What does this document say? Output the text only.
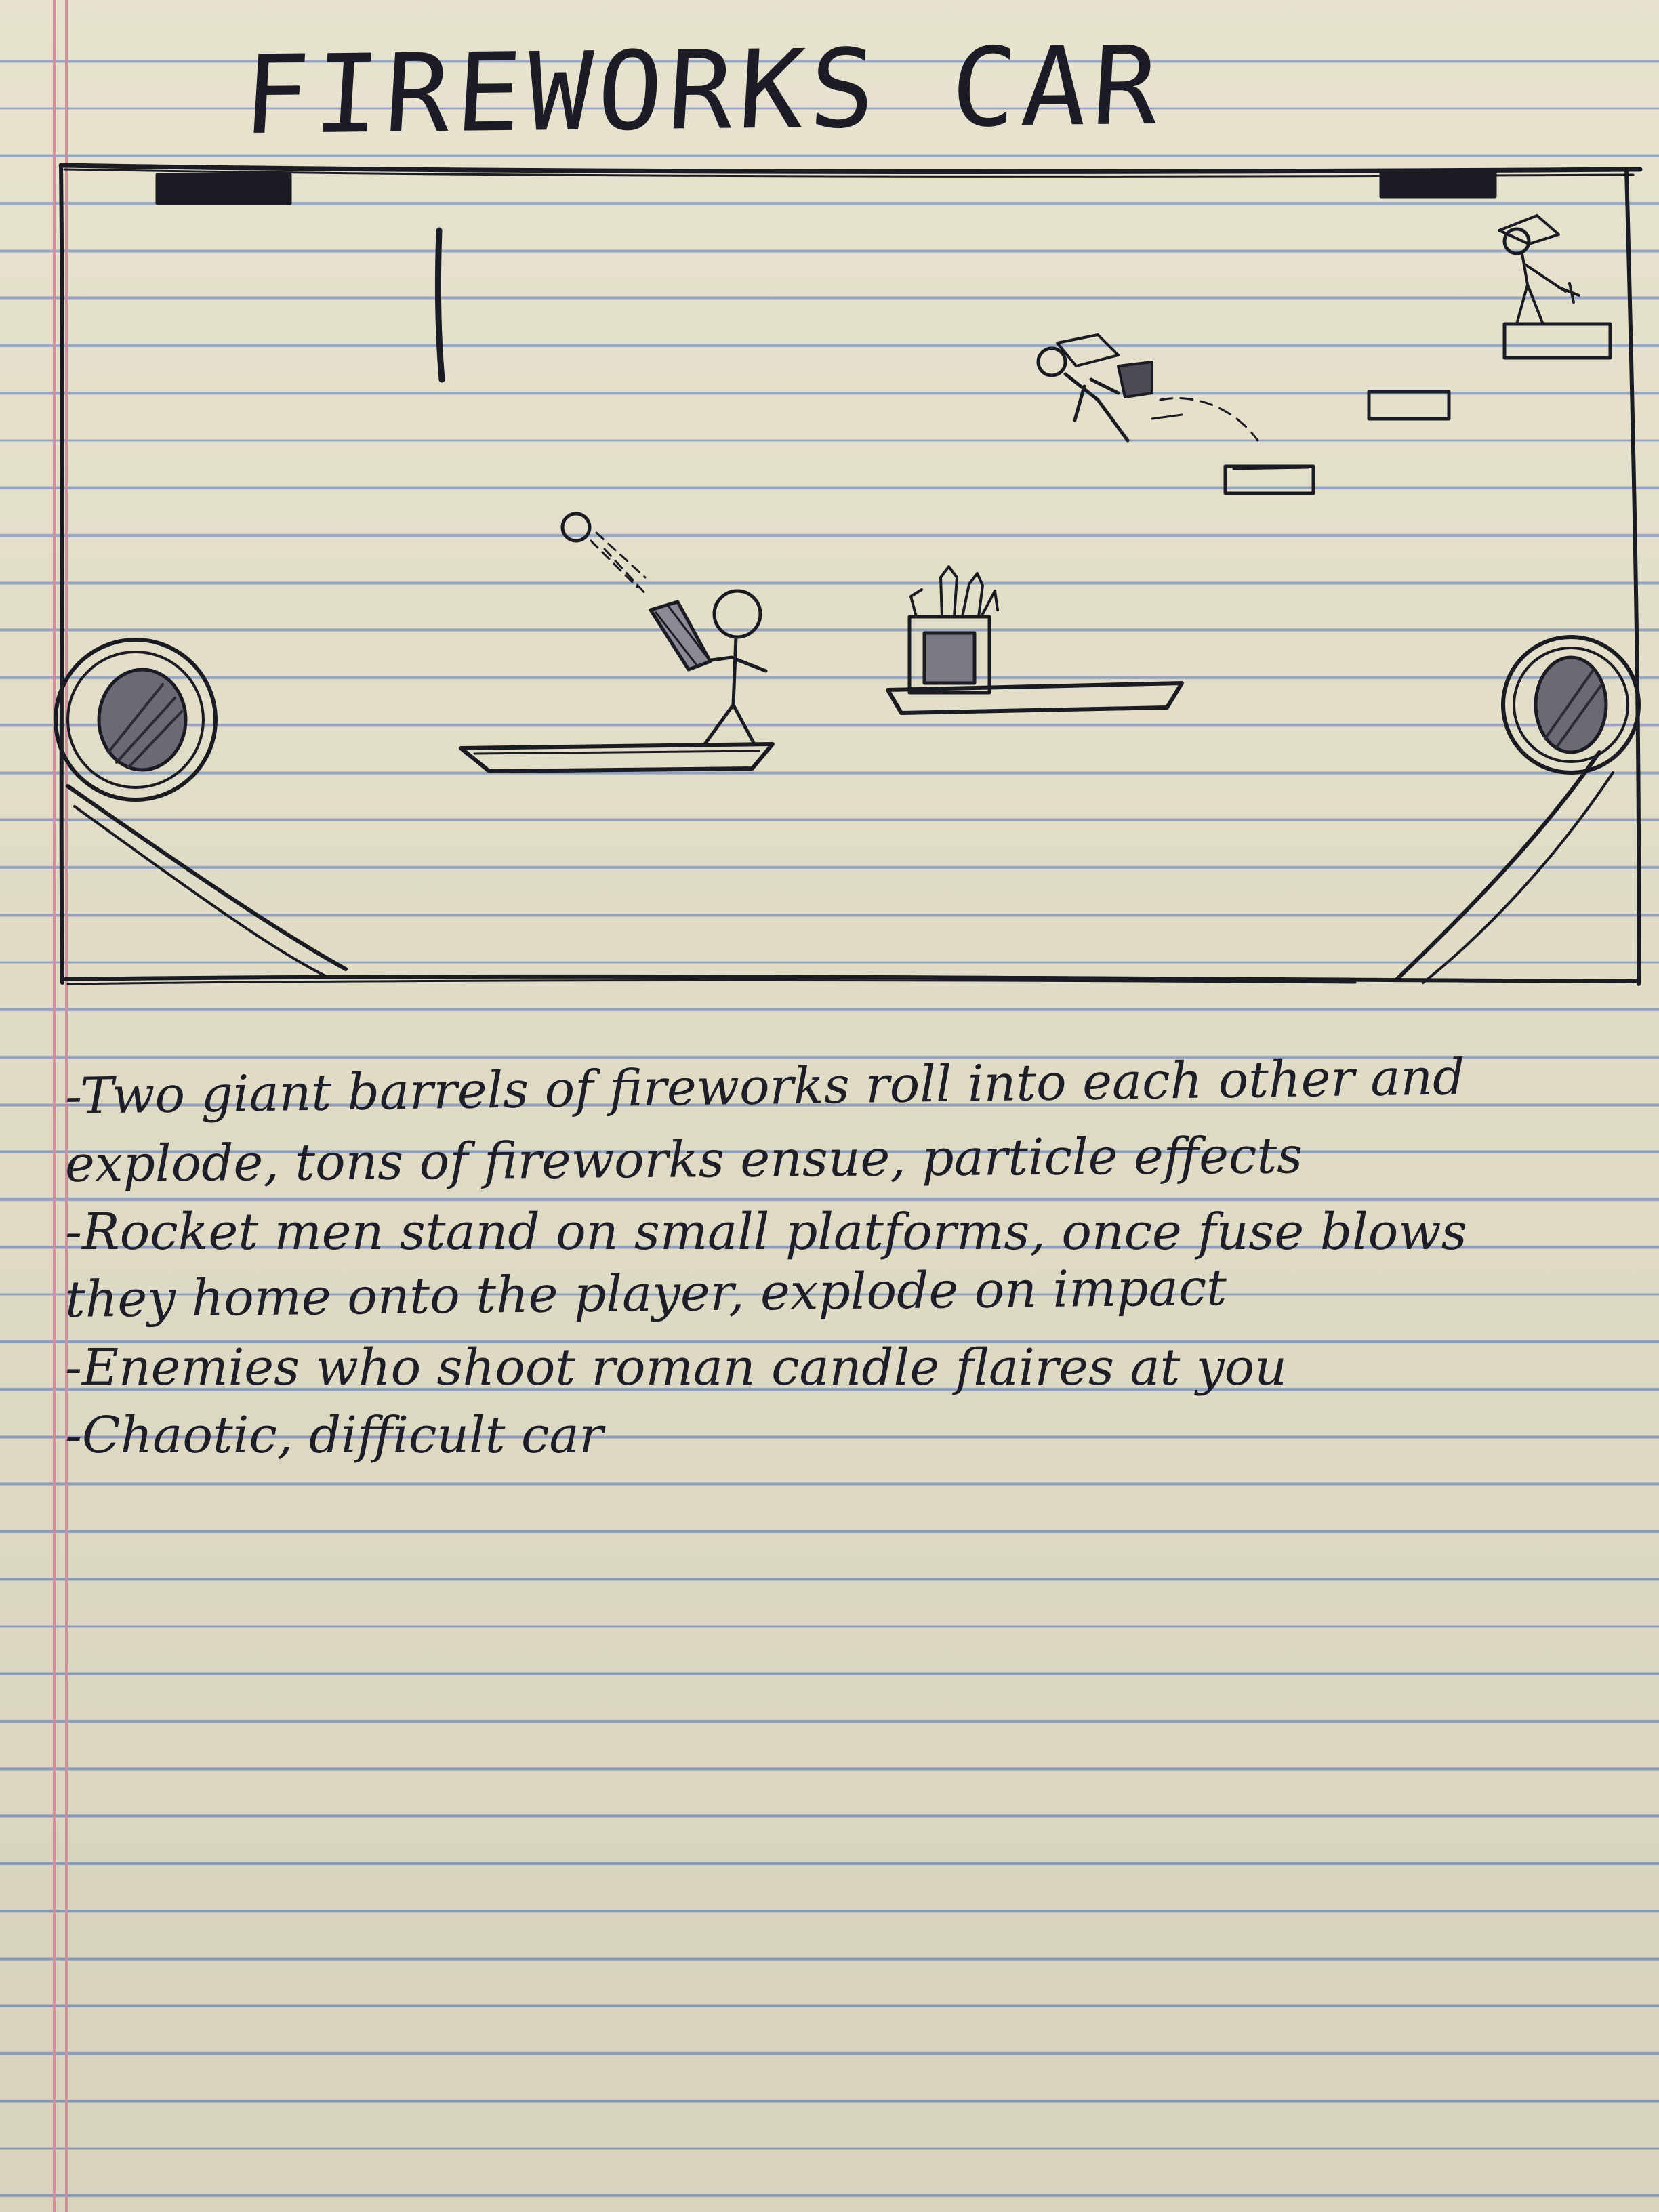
FIREWORKS CAR

-Two giant barrels of fireworks roll into each other and

explode, tons of fireworks ensue, particle effects

-Rocket men stand on small platforms, once fuse blows

they home onto the player, explode on impact

-Enemies who shoot roman candle flaires at you

-Chaotic, difficult car
